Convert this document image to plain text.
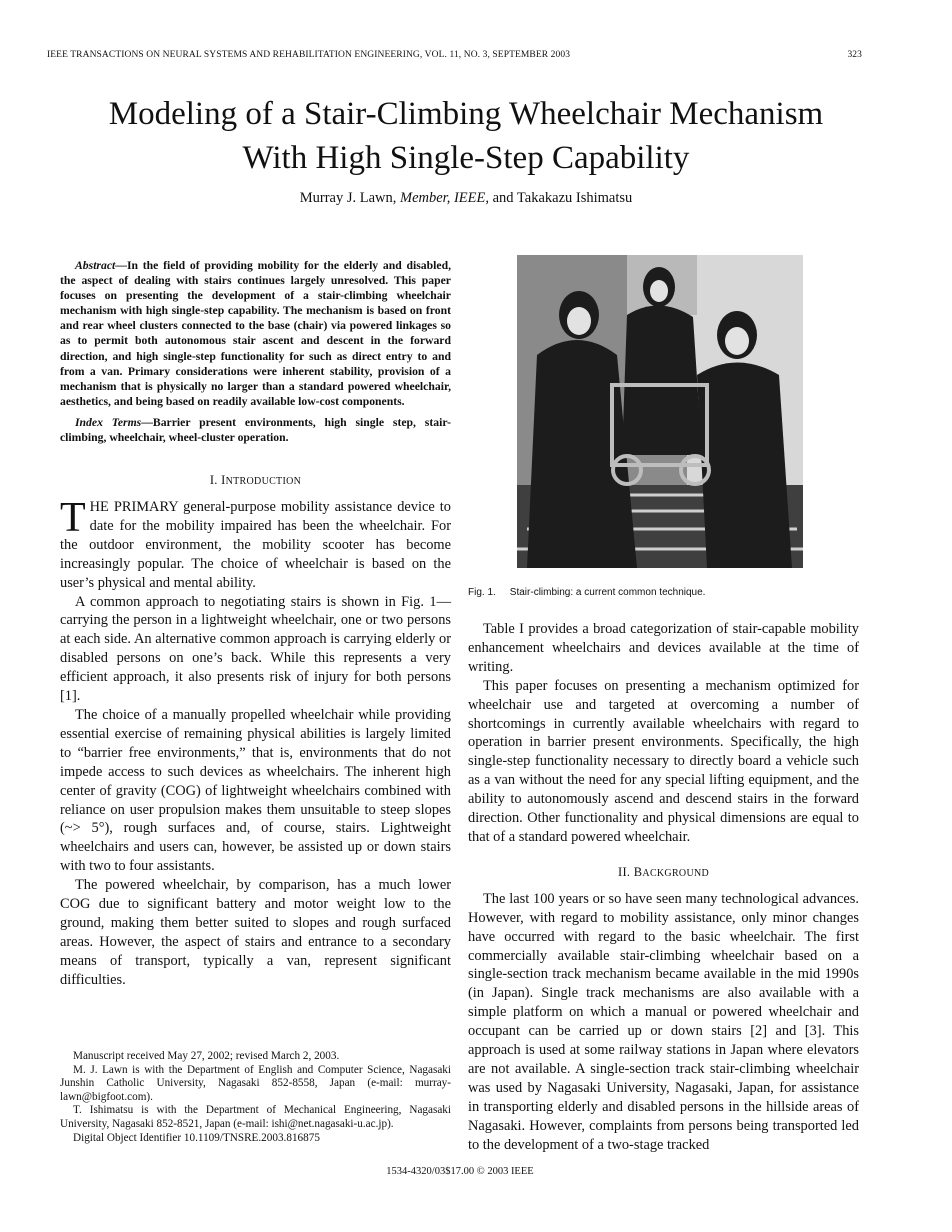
IEEE TRANSACTIONS ON NEURAL SYSTEMS AND REHABILITATION ENGINEERING, VOL. 11, NO. 3, SEPTEMBER 2003	323
Modeling of a Stair-Climbing Wheelchair Mechanism
With High Single-Step Capability
Murray J. Lawn, Member, IEEE, and Takakazu Ishimatsu

Abstract—In the field of providing mobility for the elderly and disabled, the aspect of dealing with stairs continues largely unresolved. This paper focuses on presenting the development of a stair-climbing wheelchair mechanism with high single-step capability. The mechanism is based on front and rear wheel clusters connected to the base (chair) via powered linkages so as to permit both autonomous stair ascent and descent in the forward direction, and high single-step functionality for such as direct entry to and from a van. Primary considerations were inherent stability, provision of a mechanism that is physically no larger than a standard powered wheelchair, aesthetics, and being based on readily available low-cost components.

Index Terms—Barrier present environments, high single step, stair-climbing, wheelchair, wheel-cluster operation.

I. INTRODUCTION

THE PRIMARY general-purpose mobility assistance device to date for the mobility impaired has been the wheelchair. For the outdoor environment, the mobility scooter has become increasingly popular. The choice of wheelchair is based on the user’s physical and mental ability.

A common approach to negotiating stairs is shown in Fig. 1—carrying the person in a lightweight wheelchair, one or two persons at each side. An alternative common approach is carrying elderly or disabled persons on one’s back. While this represents a very efficient approach, it also presents risk of injury for both persons [1].

The choice of a manually propelled wheelchair while providing essential exercise of remaining physical abilities is largely limited to “barrier free environments,” that is, environments that do not impede access to such devices as wheelchairs. The inherent high center of gravity (COG) of lightweight wheelchairs combined with reliance on user propulsion makes them unsuitable to steep slopes (~> 5°), rough surfaces and, of course, stairs. Lightweight wheelchairs and users can, however, be assisted up or down stairs with two to four assistants.

The powered wheelchair, by comparison, has a much lower COG due to significant battery and motor weight low to the ground, making them better suited to slopes and rough surfaced areas. However, the aspect of stairs and entrance to a secondary means of transport, typically a van, represent significant difficulties.

Manuscript received May 27, 2002; revised March 2, 2003.

M. J. Lawn is with the Department of English and Computer Science, Nagasaki Junshin Catholic University, Nagasaki 852-8558, Japan (e-mail: murray-lawn@bigfoot.com).

T. Ishimatsu is with the Department of Mechanical Engineering, Nagasaki University, Nagasaki 852-8521, Japan (e-mail: ishi@net.nagasaki-u.ac.jp).

Digital Object Identifier 10.1109/TNSRE.2003.816875

Fig. 1. Stair-climbing: a current common technique.

Table I provides a broad categorization of stair-capable mobility enhancement wheelchairs and devices available at the time of writing.

This paper focuses on presenting a mechanism optimized for wheelchair use and targeted at overcoming a number of shortcomings in currently available wheelchairs with regard to operation in barrier present environments. Specifically, the high single-step functionality necessary to directly board a vehicle such as a van without the need for any special lifting equipment, and the ability to autonomously ascend and descend stairs in the forward direction. Other functionality and physical dimensions are equal to that of a standard powered wheelchair.

II. BACKGROUND

The last 100 years or so have seen many technological advances. However, with regard to mobility assistance, only minor changes have occurred with regard to the basic wheelchair. The first commercially available stair-climbing wheelchair based on a single-section track mechanism became available in the mid 1990s (in Japan). Single track mechanisms are also available with a simple platform on which a manual or powered wheelchair and occupant can be carried up or down stairs [2] and [3]. This approach is used at some railway stations in Japan where elevators are not available. A single-section track stair-climbing wheelchair was used by Nagasaki University, Nagasaki, Japan, for assistance in transporting elderly and disabled persons in the hillside areas of Nagasaki. However, complaints from persons being transported led to the development of a two-stage tracked

1534-4320/03$17.00 © 2003 IEEE
